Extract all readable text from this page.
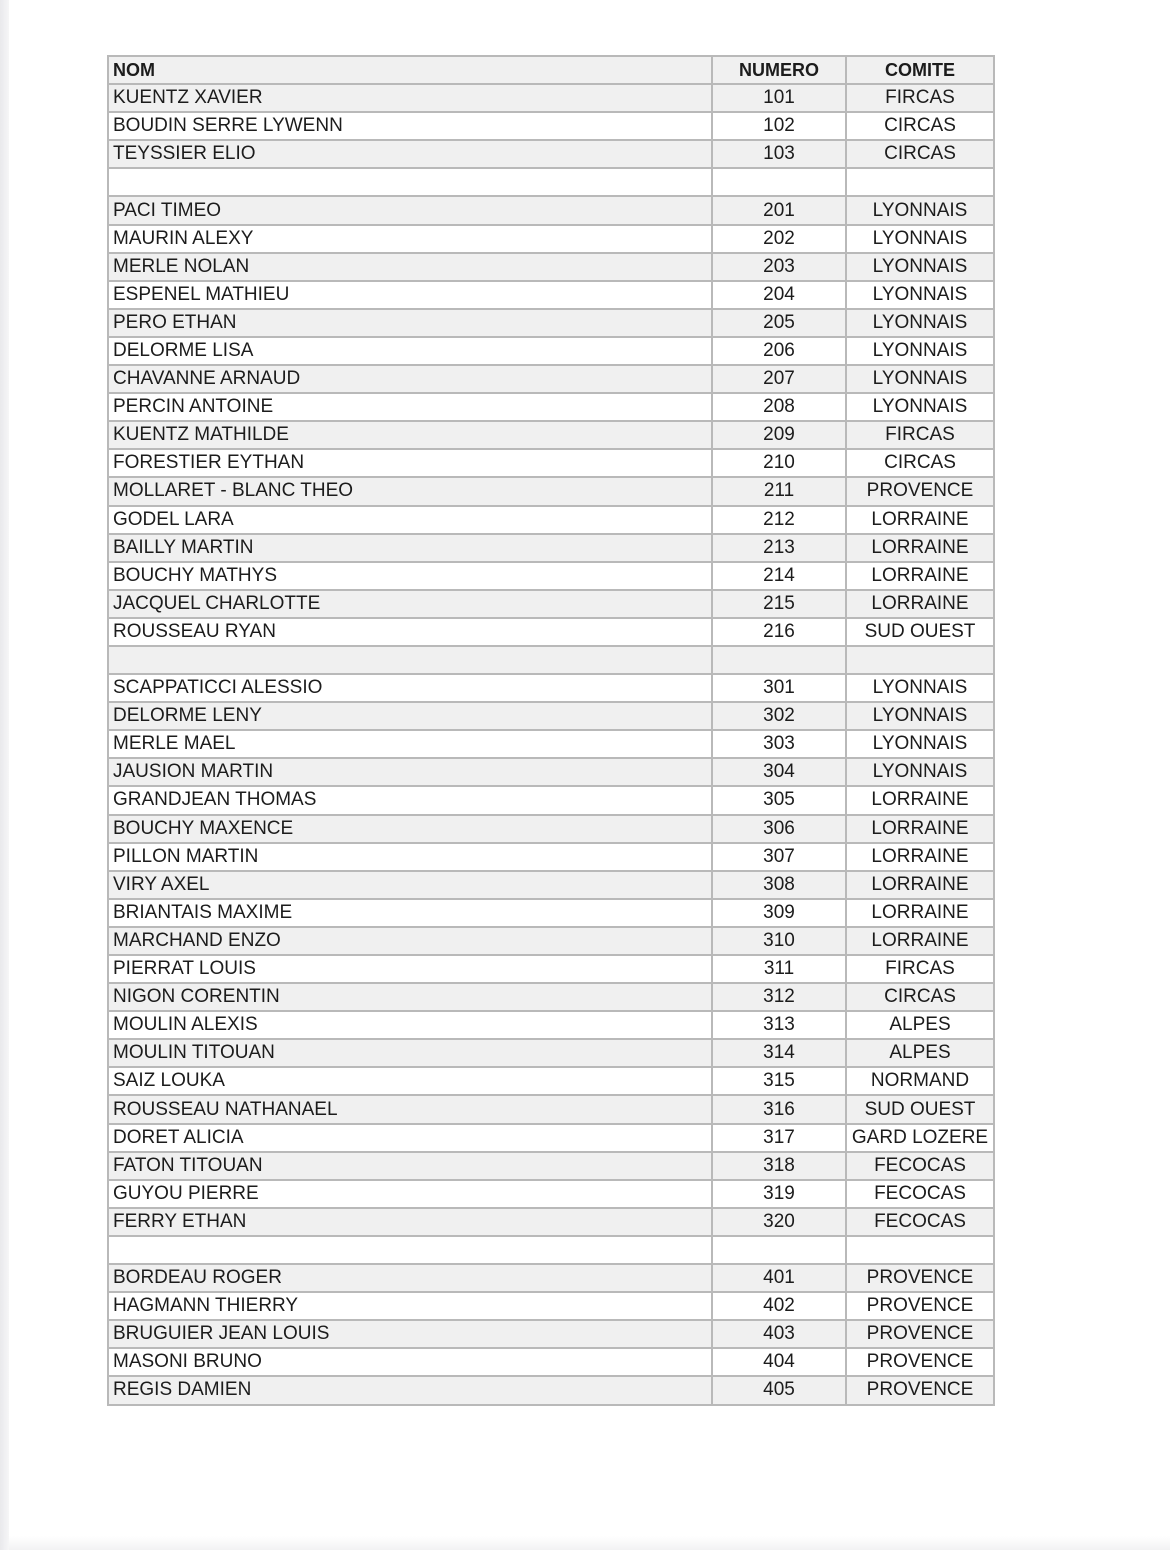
NOM	NUMERO	COMITE
KUENTZ XAVIER	101	FIRCAS
BOUDIN SERRE LYWENN	102	CIRCAS
TEYSSIER ELIO	103	CIRCAS

PACI TIMEO	201	LYONNAIS
MAURIN ALEXY	202	LYONNAIS
MERLE NOLAN	203	LYONNAIS
ESPENEL MATHIEU	204	LYONNAIS
PERO ETHAN	205	LYONNAIS
DELORME LISA	206	LYONNAIS
CHAVANNE ARNAUD	207	LYONNAIS
PERCIN ANTOINE	208	LYONNAIS
KUENTZ MATHILDE	209	FIRCAS
FORESTIER EYTHAN	210	CIRCAS
MOLLARET - BLANC THEO	211	PROVENCE
GODEL LARA	212	LORRAINE
BAILLY MARTIN	213	LORRAINE
BOUCHY MATHYS	214	LORRAINE
JACQUEL CHARLOTTE	215	LORRAINE
ROUSSEAU RYAN	216	SUD OUEST

SCAPPATICCI ALESSIO	301	LYONNAIS
DELORME LENY	302	LYONNAIS
MERLE MAEL	303	LYONNAIS
JAUSION MARTIN	304	LYONNAIS
GRANDJEAN THOMAS	305	LORRAINE
BOUCHY MAXENCE	306	LORRAINE
PILLON MARTIN	307	LORRAINE
VIRY AXEL	308	LORRAINE
BRIANTAIS MAXIME	309	LORRAINE
MARCHAND ENZO	310	LORRAINE
PIERRAT LOUIS	311	FIRCAS
NIGON CORENTIN	312	CIRCAS
MOULIN ALEXIS	313	ALPES
MOULIN TITOUAN	314	ALPES
SAIZ LOUKA	315	NORMAND
ROUSSEAU NATHANAEL	316	SUD OUEST
DORET ALICIA	317	GARD LOZERE
FATON TITOUAN	318	FECOCAS
GUYOU PIERRE	319	FECOCAS
FERRY ETHAN	320	FECOCAS

BORDEAU ROGER	401	PROVENCE
HAGMANN THIERRY	402	PROVENCE
BRUGUIER JEAN LOUIS	403	PROVENCE
MASONI BRUNO	404	PROVENCE
REGIS DAMIEN	405	PROVENCE
